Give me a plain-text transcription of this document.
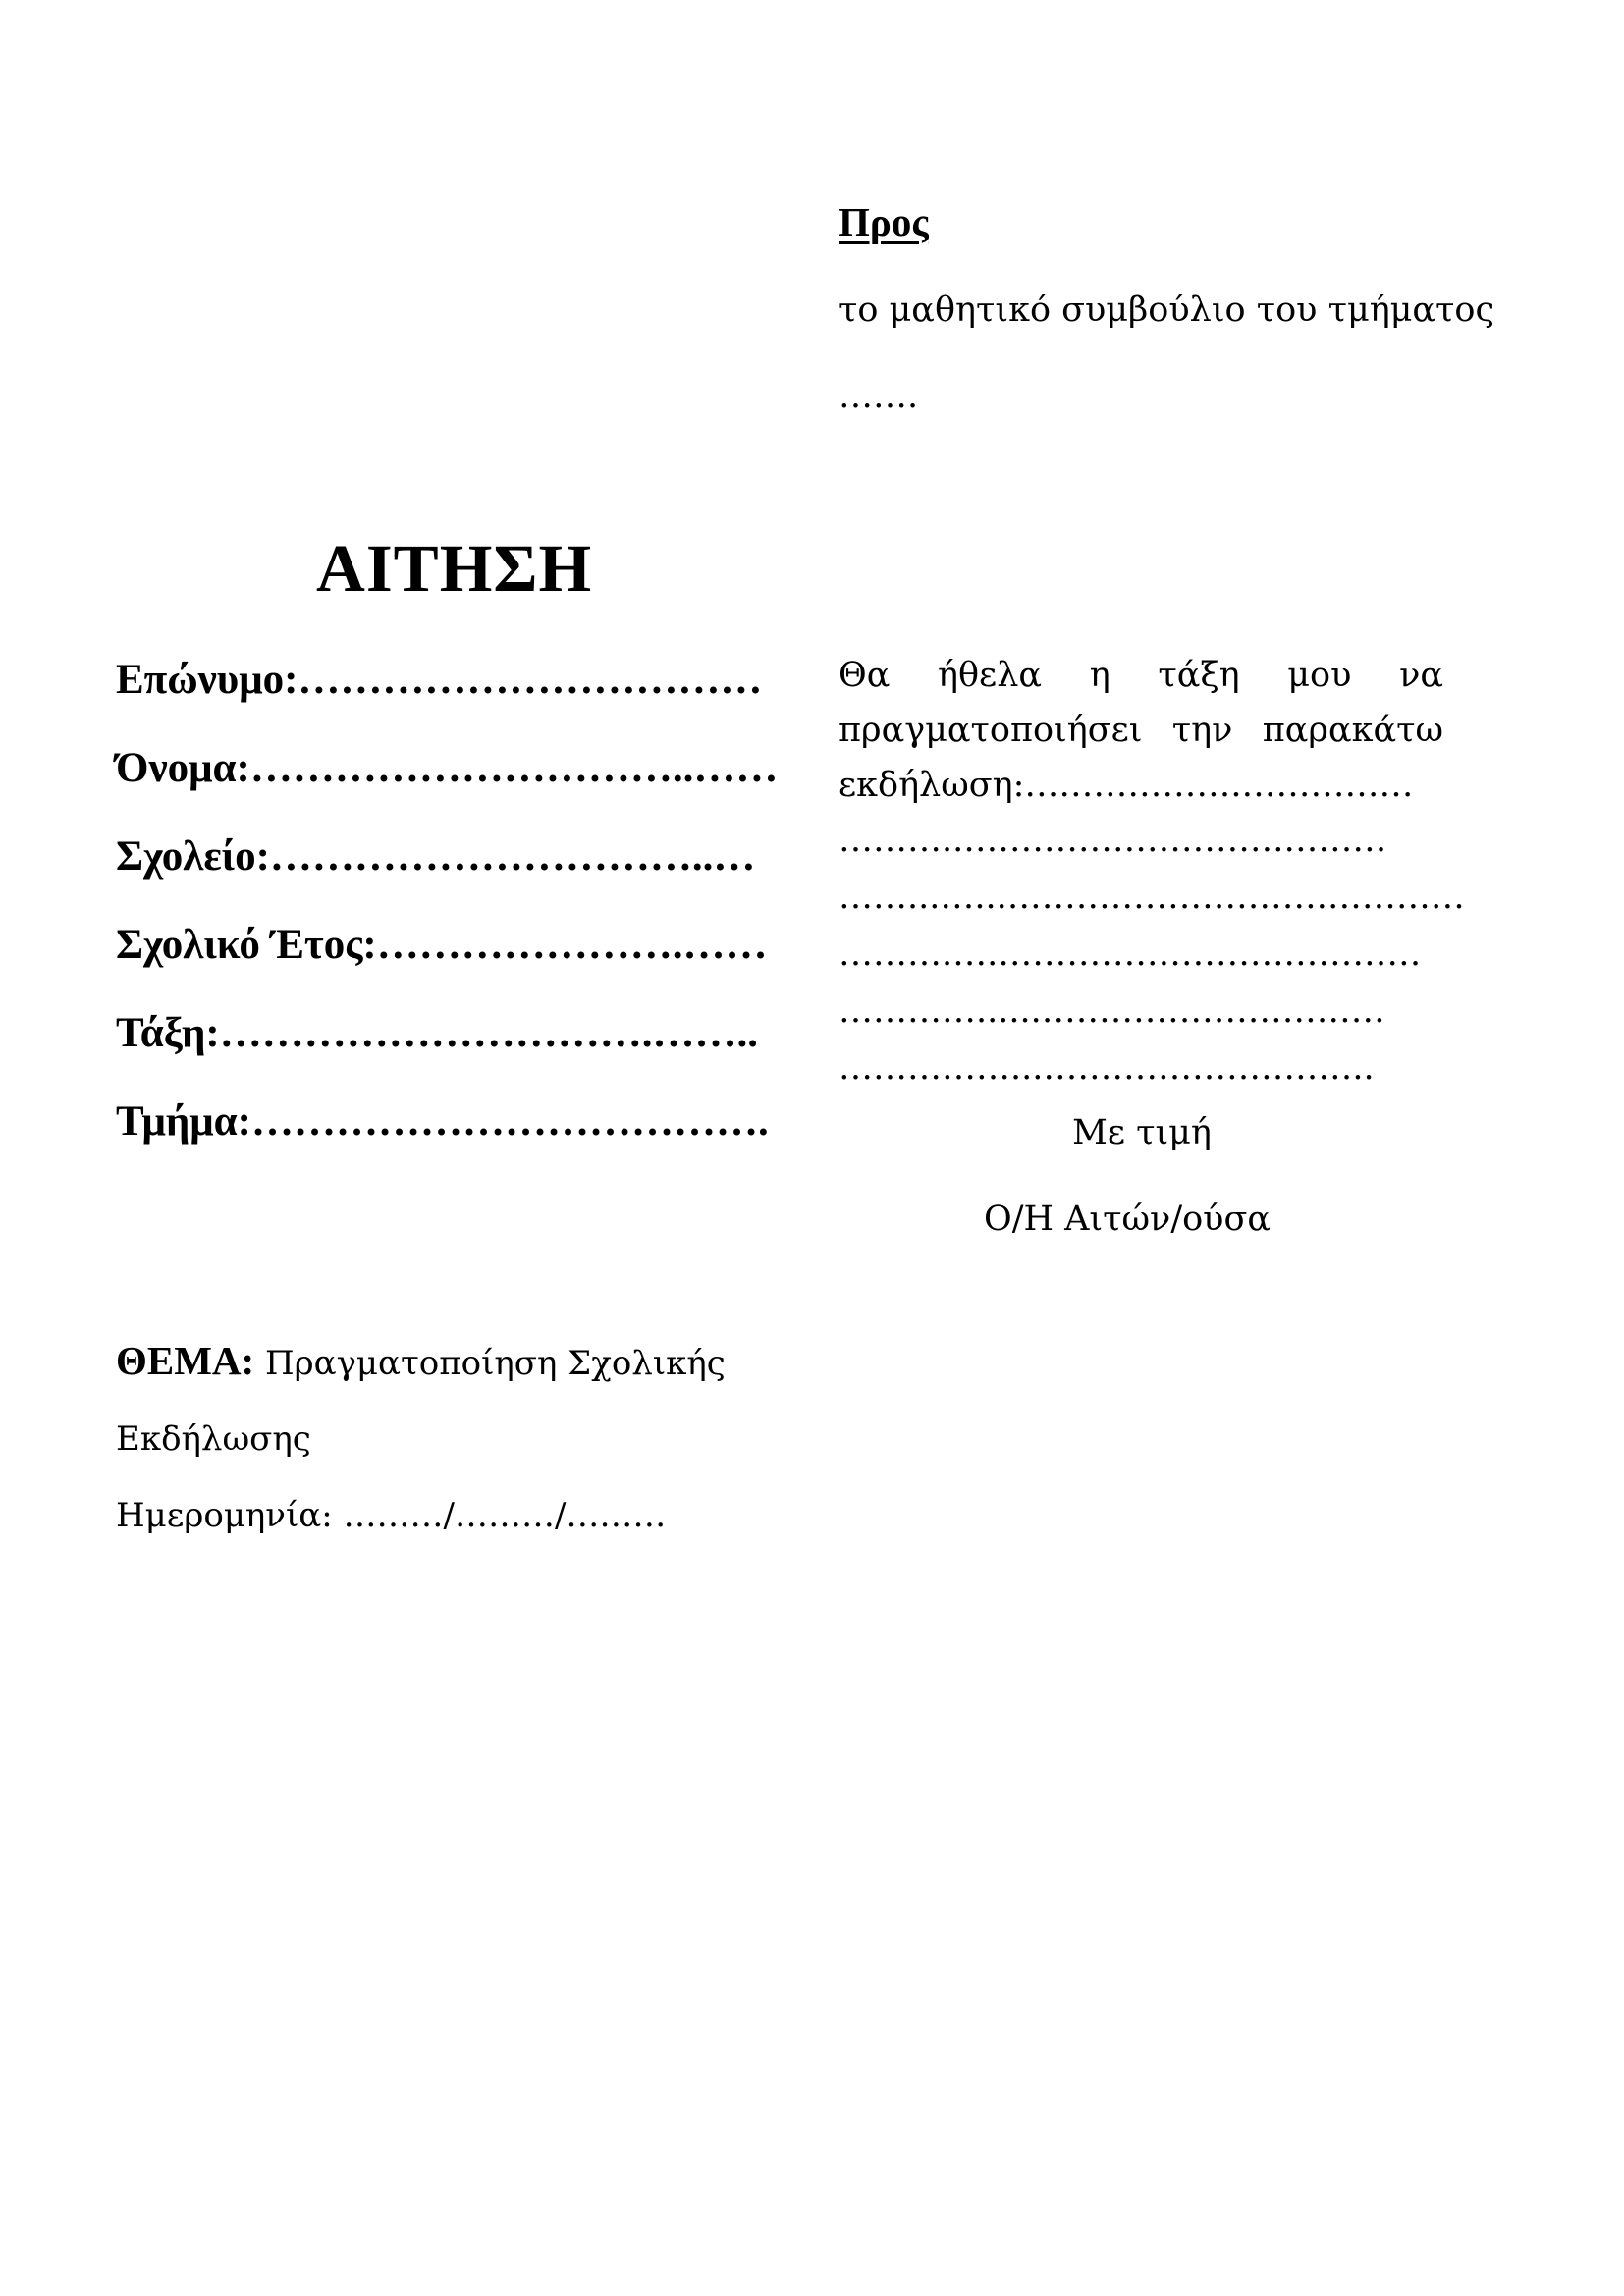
Προς
το μαθητικό συμβούλιο του τμήματος
…….
ΑΙΤΗΣΗ
Επώνυμο:……………………………
Όνομα:…………………………..……
Σχολείο:…………………………..…
Σχολικό Έτος:………………….……
Τάξη:………………………….……..
Τμήμα:……………………………….
Θα ήθελα η τάξη μου να πραγματοποιήσει την παρακάτω εκδήλωση:……………….……………
………..……………………….………
……...…...……………………….…………
……….….…………………….…………
…………......…………………………
……………...………………………..
Με τιμή
Ο/Η Αιτών/ούσα
ΘΕΜΑ: Πραγματοποίηση Σχολικής
Εκδήλωσης
Ημερομηνία: ………/………/………
